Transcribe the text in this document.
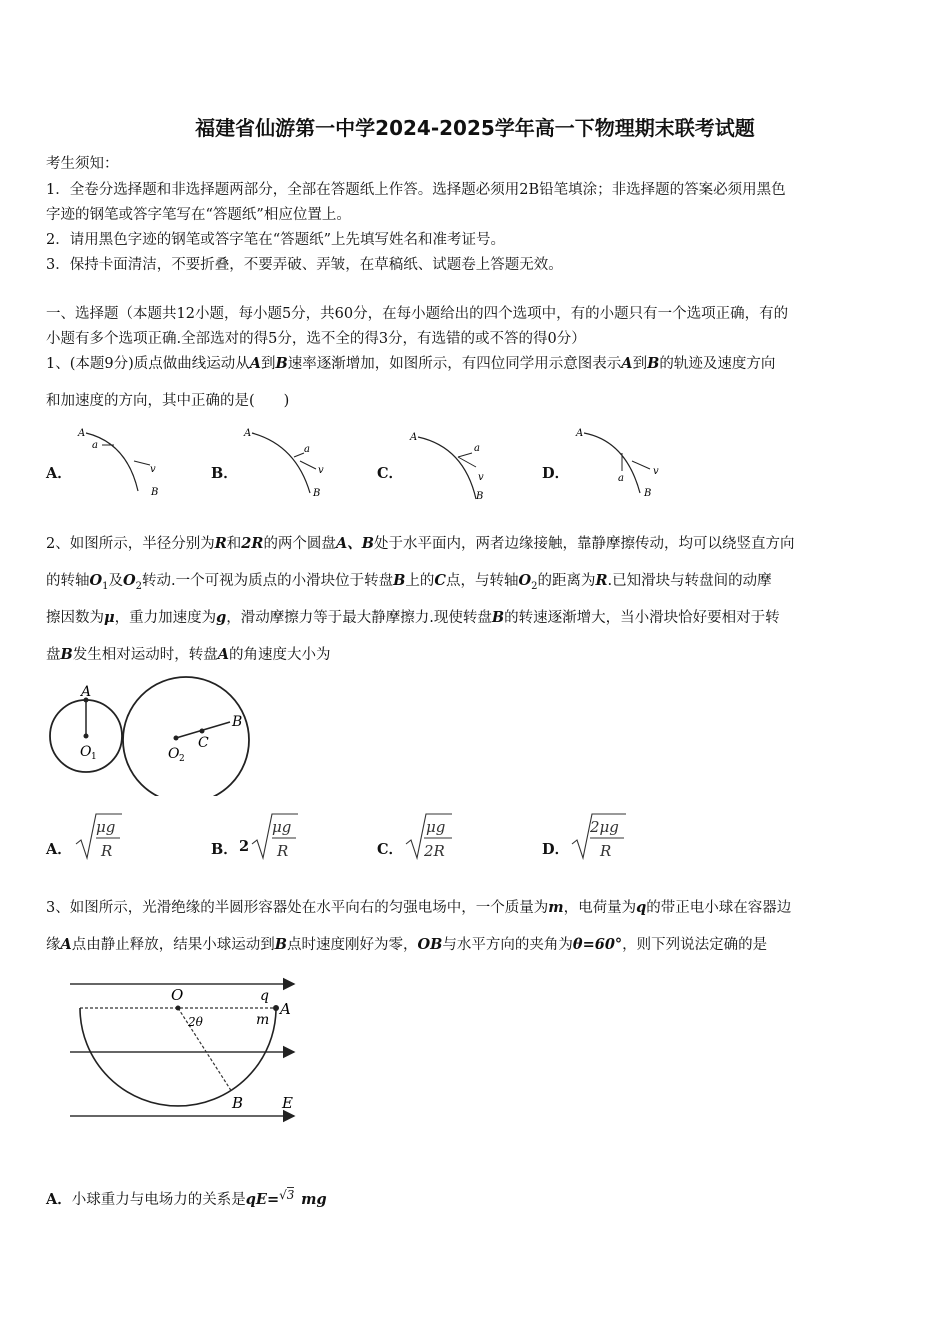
福建省仙游第一中学2024-2025学年高一下物理期末联考试题
考生须知：
1．全卷分选择题和非选择题两部分，全部在答题纸上作答。选择题必须用2B铅笔填涂；非选择题的答案必须用黑色
字迹的钢笔或答字笔写在“答题纸”相应位置上。
2．请用黑色字迹的钢笔或答字笔在“答题纸”上先填写姓名和准考证号。
3．保持卡面清洁，不要折叠，不要弄破、弄皱，在草稿纸、试题卷上答题无效。
一、选择题（本题共12小题，每小题5分，共60分，在每小题给出的四个选项中，有的小题只有一个选项正确，有的
小题有多个选项正确.全部选对的得5分，选不全的得3分，有选错的或不答的得0分）
1、(本题9分)质点做曲线运动从A到B速率逐渐增加，如图所示，有四位同学用示意图表示A到B的轨迹及速度方向
和加速度的方向，其中正确的是(　　)
A．
A
B
a
v	B．
A
B
a
v	C．
A
B
a
v	D．
A
B
a
v
2、如图所示，半径分别为R和2R的两个圆盘A、B处于水平面内，两者边缘接触，靠静摩擦传动，均可以绕竖直方向
的转轴$O_1$及$O_2$转动.一个可视为质点的小滑块位于转盘B上的C点，与转轴$O_2$的距离为R.已知滑块与转盘间的动摩
擦因数为μ，重力加速度为g，滑动摩擦力等于最大静摩擦力.现使转盘B的转速逐渐增大，当小滑块恰好要相对于转
盘B发生相对运动时，转盘A的角速度大小为
A
O 1	O 2
C
B
A．
μg
R	B． 2
μg
R	C．
μg
2R	D．
2μg
R
3、如图所示，光滑绝缘的半圆形容器处在水平向右的匀强电场中，一个质量为m，电荷量为q的带正电小球在容器边
缘A点由静止释放，结果小球运动到B点时速度刚好为零，OB与水平方向的夹角为θ=60°，则下列说法定确的是
O	q
m
A
2θ
B	E
A．小球重力与电场力的关系是qE= √3 mg
